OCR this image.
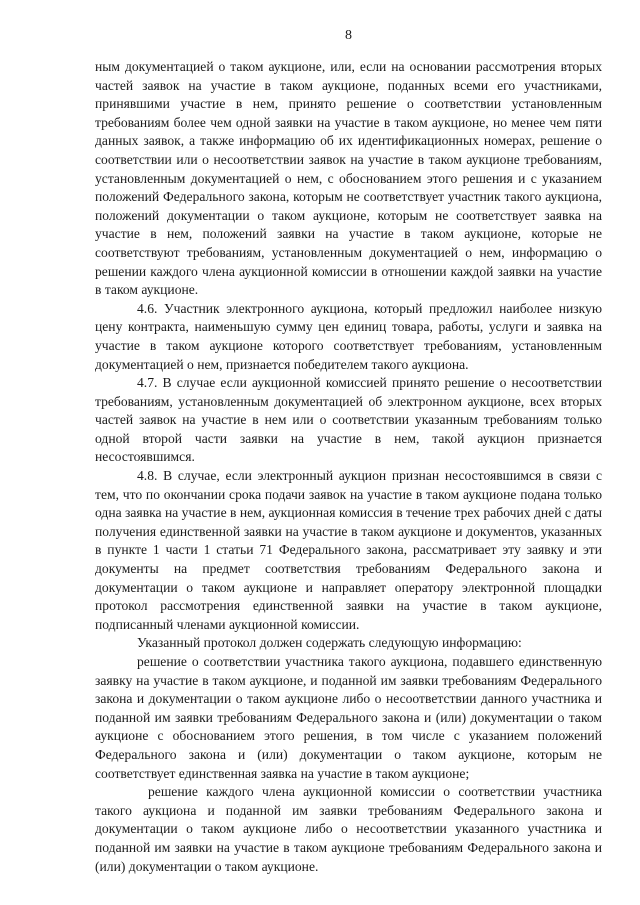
8

ным документацией о таком аукционе, или, если на основании рассмотрения вторых частей заявок на участие в таком аукционе, поданных всеми его участниками, принявшими участие в нем, принято решение о соответствии установленным требованиям более чем одной заявки на участие в таком аукционе, но менее чем пяти данных заявок, а также информацию об их идентификационных номерах, решение о соответствии или о несоответствии заявок на участие в таком аукционе требованиям, установленным документацией о нем, с обоснованием этого решения и с указанием положений Федерального закона, которым не соответствует участник такого аукциона, положений документации о таком аукционе, которым не соответствует заявка на участие в нем, положений заявки на участие в таком аукционе, которые не соответствуют требованиям, установленным документацией о нем, информацию о решении каждого члена аукционной комиссии в отношении каждой заявки на участие в таком аукционе.

4.6. Участник электронного аукциона, который предложил наиболее низкую цену контракта, наименьшую сумму цен единиц товара, работы, услуги и заявка на участие в таком аукционе которого соответствует требованиям, установленным документацией о нем, признается победителем такого аукциона.

4.7. В случае если аукционной комиссией принято решение о несоответствии требованиям, установленным документацией об электронном аукционе, всех вторых частей заявок на участие в нем или о соответствии указанным требованиям только одной второй части заявки на участие в нем, такой аукцион признается несостоявшимся.

4.8. В случае, если электронный аукцион признан несостоявшимся в связи с тем, что по окончании срока подачи заявок на участие в таком аукционе подана только одна заявка на участие в нем, аукционная комиссия в течение трех рабочих дней с даты получения единственной заявки на участие в таком аукционе и документов, указанных в пункте 1 части 1 статьи 71 Федерального закона, рассматривает эту заявку и эти документы на предмет соответствия требованиям Федерального закона и документации о таком аукционе и направляет оператору электронной площадки протокол рассмотрения единственной заявки на участие в таком аукционе, подписанный членами аукционной комиссии.

Указанный протокол должен содержать следующую информацию:

решение о соответствии участника такого аукциона, подавшего единственную заявку на участие в таком аукционе, и поданной им заявки требованиям Федерального закона и документации о таком аукционе либо о несоответствии данного участника и поданной им заявки требованиям Федерального закона и (или) документации о таком аукционе с обоснованием этого решения, в том числе с указанием положений Федерального закона и (или) документации о таком аукционе, которым не соответствует единственная заявка на участие в таком аукционе;

решение каждого члена аукционной комиссии о соответствии участника такого аукциона и поданной им заявки требованиям Федерального закона и документации о таком аукционе либо о несоответствии указанного участника и поданной им заявки на участие в таком аукционе требованиям Федерального закона и (или) документации о таком аукционе.
